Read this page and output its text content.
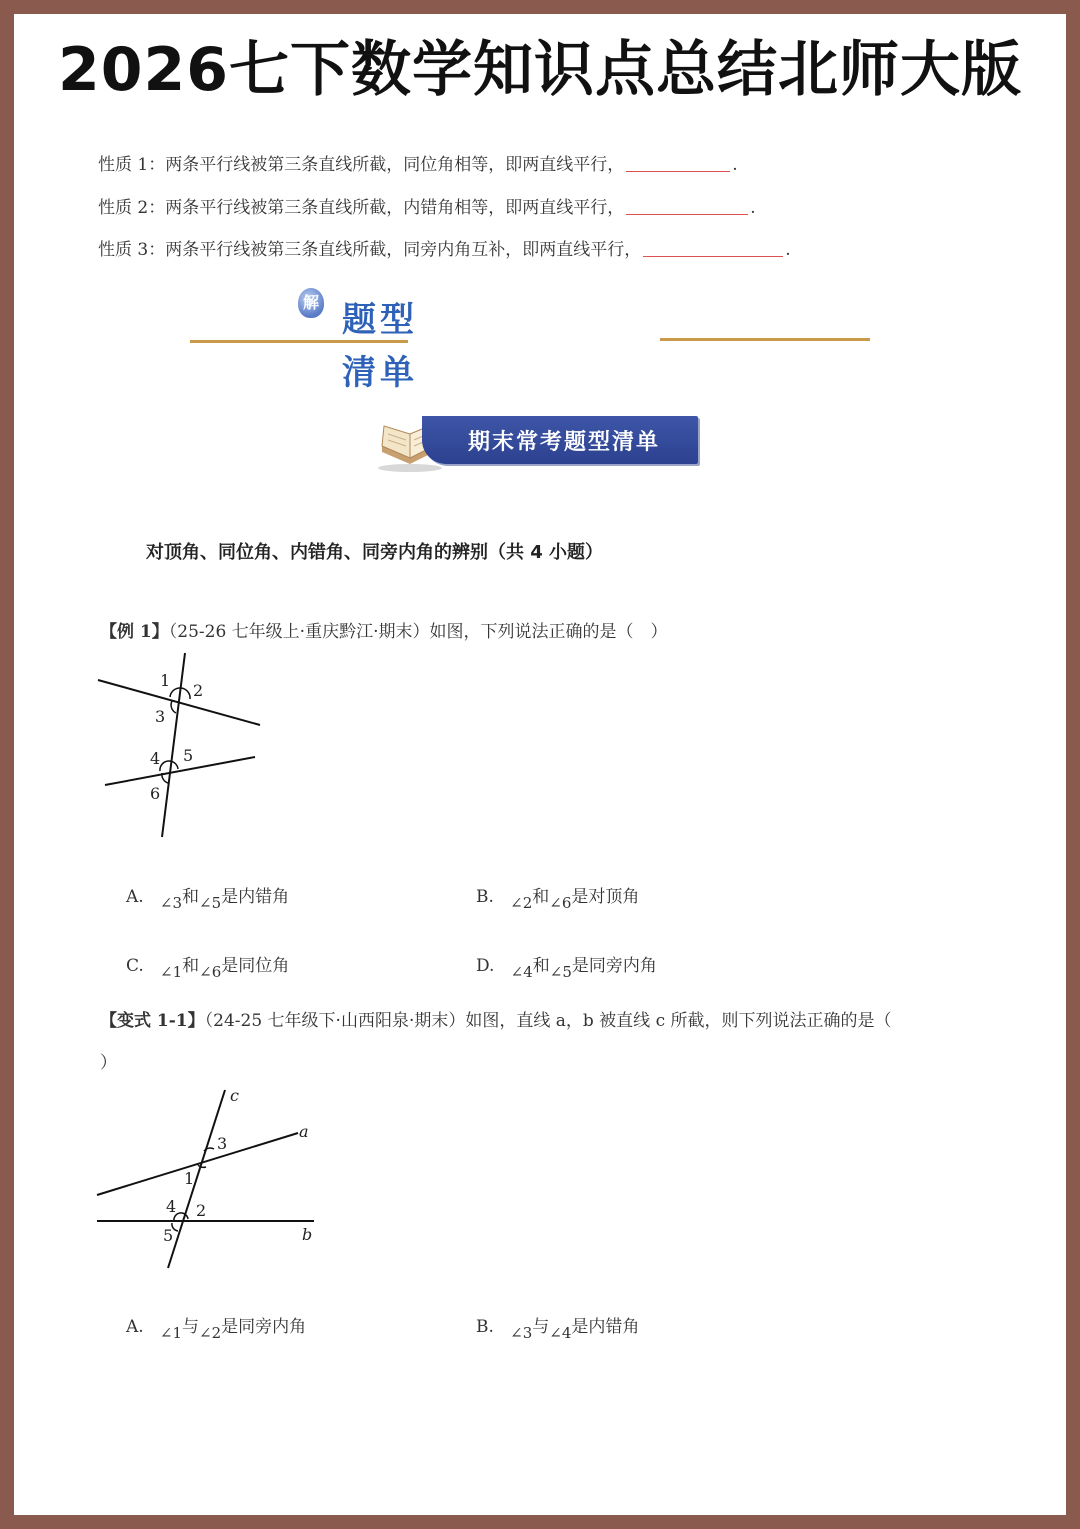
2026七下数学知识点总结北师大版
性质 1：两条平行线被第三条直线所截，同位角相等，即两直线平行，	.
性质 2：两条平行线被第三条直线所截，内错角相等，即两直线平行，	.
性质 3：两条平行线被第三条直线所截，同旁内角互补，即两直线平行，	.
解 题型
清单
期末常考题型清单
对顶角、同位角、内错角、同旁内角的辨别（共 4 小题）
【例 1】（25-26 七年级上·重庆黔江·期末）如图，下列说法正确的是（　）
1
2
3
4 5
6
A. ∠3和∠5是内错角	B. ∠2和∠6是对顶角
C. ∠1和∠6是同位角	D. ∠4和∠5是同旁内角
【变式 1-1】（24-25 七年级下·山西阳泉·期末）如图，直线 a，b 被直线 c 所截，则下列说法正确的是（
）
c
a
b
1
2
3
4
5
A. ∠1与∠2是同旁内角	B. ∠3与∠4是内错角
